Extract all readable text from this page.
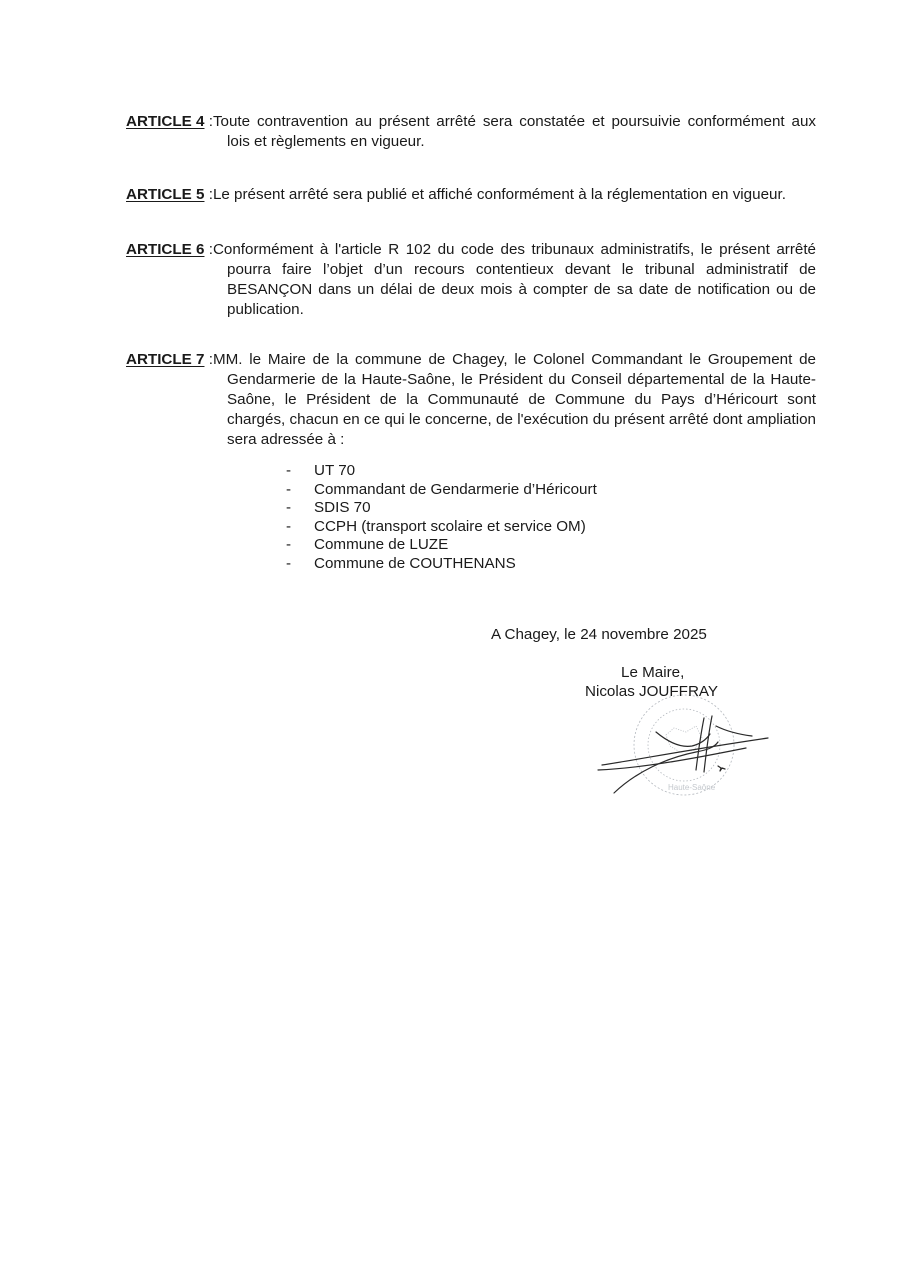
ARTICLE 4 : Toute contravention au présent arrêté sera constatée et poursuivie conformément aux lois et règlements en vigueur.
ARTICLE 5 : Le présent arrêté sera publié et affiché conformément à la réglementation en vigueur.
ARTICLE 6 : Conformément à l'article R 102 du code des tribunaux administratifs, le présent arrêté pourra faire l’objet d’un recours contentieux devant le tribunal administratif de BESANÇON dans un délai de deux mois à compter de sa date de notification ou de publication.
ARTICLE 7 : MM. le Maire de la commune de Chagey, le Colonel Commandant le Groupement de Gendarmerie de la Haute-Saône, le Président du Conseil départemental de la Haute-Saône, le Président de la Communauté de Commune du Pays d’Héricourt sont chargés, chacun en ce qui le concerne, de l'exécution du présent arrêté dont ampliation sera adressée à :
- UT 70
- Commandant de Gendarmerie d’Héricourt
- SDIS 70
- CCPH (transport scolaire et service OM)
- Commune de LUZE
- Commune de COUTHENANS
A Chagey, le 24 novembre 2025
Haute-Saône
Le Maire,
Nicolas JOUFFRAY
